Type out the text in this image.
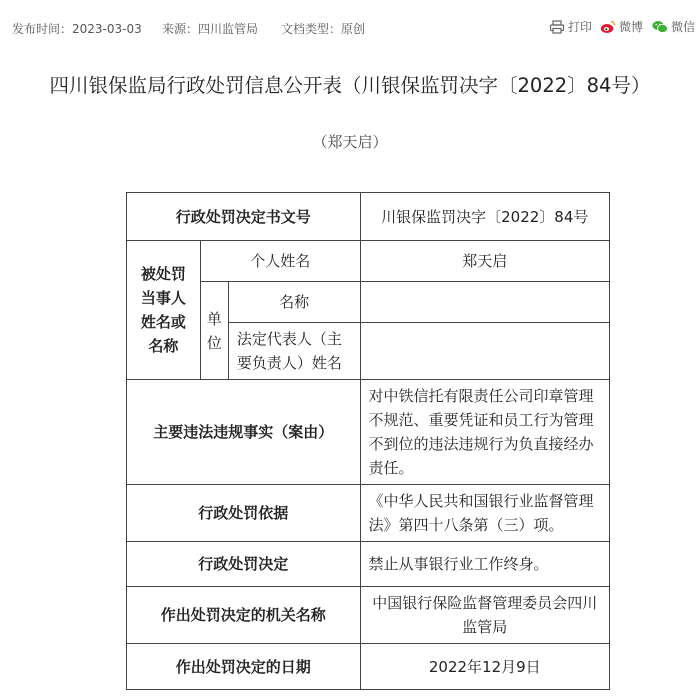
发布时间：2023-03-03 来源：四川监管局 文档类型：原创	打印 微博 微信
四川银保监局行政处罚信息公开表（川银保监罚决字〔2022〕84号）
（郑天启）
行政处罚决定书文号			川银保监罚决字〔2022〕84号
被处罚当事人姓名或名称	个人姓名		郑天启
	单位	名称	
		法定代表人（主要负责人）姓名	
主要违法违规事实（案由）			对中铁信托有限责任公司印章管理不规范、重要凭证和员工行为管理不到位的违法违规行为负直接经办责任。
行政处罚依据			《中华人民共和国银行业监督管理法》第四十八条第（三）项。
行政处罚决定			禁止从事银行业工作终身。
作出处罚决定的机关名称			中国银行保险监督管理委员会四川监管局
作出处罚决定的日期			2022年12月9日
